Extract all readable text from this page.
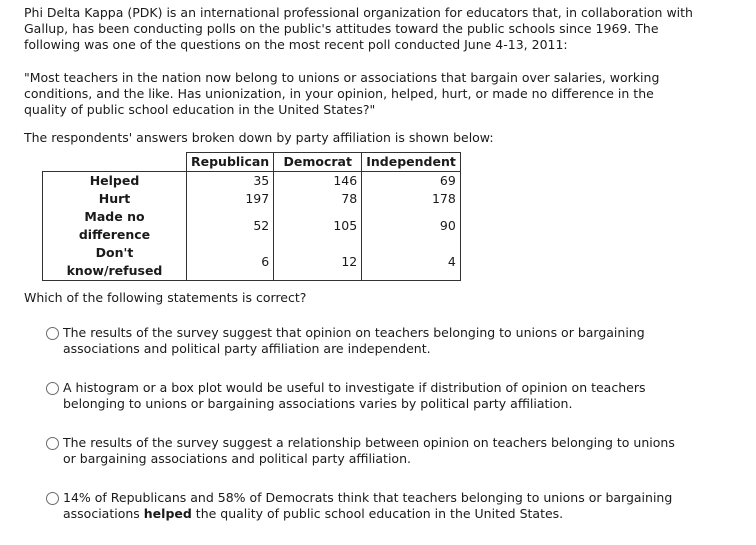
Phi Delta Kappa (PDK) is an international professional organization for educators that, in collaboration with Gallup, has been conducting polls on the public's attitudes toward the public schools since 1969. The following was one of the questions on the most recent poll conducted June 4-13, 2011:

"Most teachers in the nation now belong to unions or associations that bargain over salaries, working conditions, and the like. Has unionization, in your opinion, helped, hurt, or made no difference in the quality of public school education in the United States?"

The respondents' answers broken down by party affiliation is shown below:

	Republican	Democrat	Independent
Helped	35	146	69
Hurt	197	78	178
Made no difference	52	105	90
Don't know/refused	6	12	4

Which of the following statements is correct?

The results of the survey suggest that opinion on teachers belonging to unions or bargaining associations and political party affiliation are independent.
A histogram or a box plot would be useful to investigate if distribution of opinion on teachers belonging to unions or bargaining associations varies by political party affiliation.
The results of the survey suggest a relationship between opinion on teachers belonging to unions or bargaining associations and political party affiliation.
14% of Republicans and 58% of Democrats think that teachers belonging to unions or bargaining associations helped the quality of public school education in the United States.
